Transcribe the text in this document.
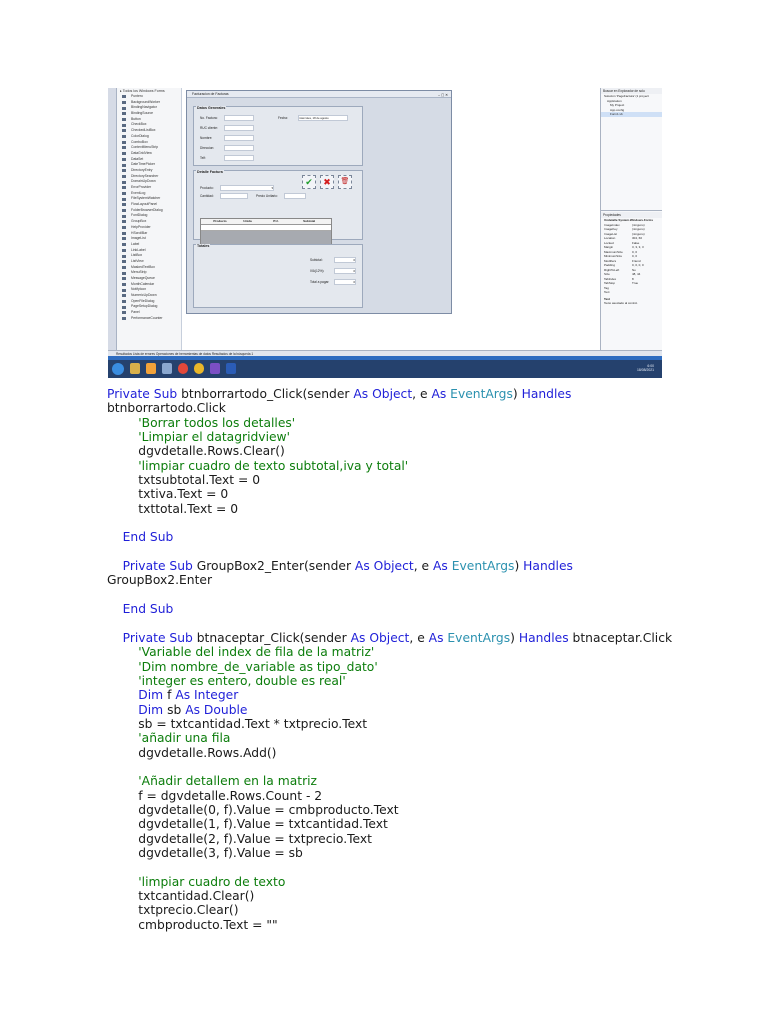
▸ Todos los Windows Forms
Puntero
BackgroundWorker
BindingNavigator
BindingSource
Button
CheckBox
CheckedListBox
ColorDialog
ComboBox
ContextMenuStrip
DataGridView
DataSet
DateTimePicker
DirectoryEntry
DirectorySearcher
DomainUpDown
ErrorProvider
EventLog
FileSystemWatcher
FlowLayoutPanel
FolderBrowserDialog
FontDialog
GroupBox
HelpProvider
HScrollBar
ImageList
Label
LinkLabel
ListBox
ListView
MaskedTextBox
MenuStrip
MessageQueue
MonthCalendar
NotifyIcon
NumericUpDown
OpenFileDialog
PageSetupDialog
Panel
PerformanceCounter
Facturacion de Facturas	– ▢ ✕
Datos Generales
No. Factura:
RUC cliente:
Nombre:
Direccion:
Telf:
Fecha:	miércoles, 18 de agosto
Detalle Factura
Producto:	▾
Cantidad:	Precio Unitario:
✔	✖	🗑
Producto	Unida	P.U.	Subtotal
Totales
Subtotal:	0
IVA(12%):	0
Total a pagar:	0
Buscar en Explorador de solu
Solución 'PagoFactura' (1 proyect
Application
My Project
App.config
Form1.vb
Propiedades
Undetalle System.Windows.Forms
ImageIndex	(ninguno)
ImageKey	(ninguno)
ImageList	(ninguno)
Location	304, 60
Locked	False
Margin	3, 3, 3, 3
MaximumSize	0, 0
MinimumSize	0, 0
Modifiers	Friend
Padding	0, 0, 0, 0
RightToLeft	No
Size	48, 44
TabIndex	8
TabStop	True
Tag
Text
Text
Texto asociado al control.
Resultados Lista de errores Operaciones de herramientas de datos Resultados de la búsqueda 1
6:00
18/08/2021
Private Sub btnborrartodo_Click(sender As Object, e As EventArgs) Handles
btnborrartodo.Click
'Borrar todos los detalles'
'Limpiar el datagridview'
dgvdetalle.Rows.Clear()
'limpiar cuadro de texto subtotal,iva y total'
txtsubtotal.Text = 0
txtiva.Text = 0
txttotal.Text = 0
End Sub
Private Sub GroupBox2_Enter(sender As Object, e As EventArgs) Handles
GroupBox2.Enter
End Sub
Private Sub btnaceptar_Click(sender As Object, e As EventArgs) Handles btnaceptar.Click
'Variable del index de fila de la matriz'
'Dim nombre_de_variable as tipo_dato'
'integer es entero, double es real'
Dim f As Integer
Dim sb As Double
sb = txtcantidad.Text * txtprecio.Text
'añadir una fila
dgvdetalle.Rows.Add()
'Añadir detallem en la matriz
f = dgvdetalle.Rows.Count - 2
dgvdetalle(0, f).Value = cmbproducto.Text
dgvdetalle(1, f).Value = txtcantidad.Text
dgvdetalle(2, f).Value = txtprecio.Text
dgvdetalle(3, f).Value = sb
'limpiar cuadro de texto
txtcantidad.Clear()
txtprecio.Clear()
cmbproducto.Text = ""
